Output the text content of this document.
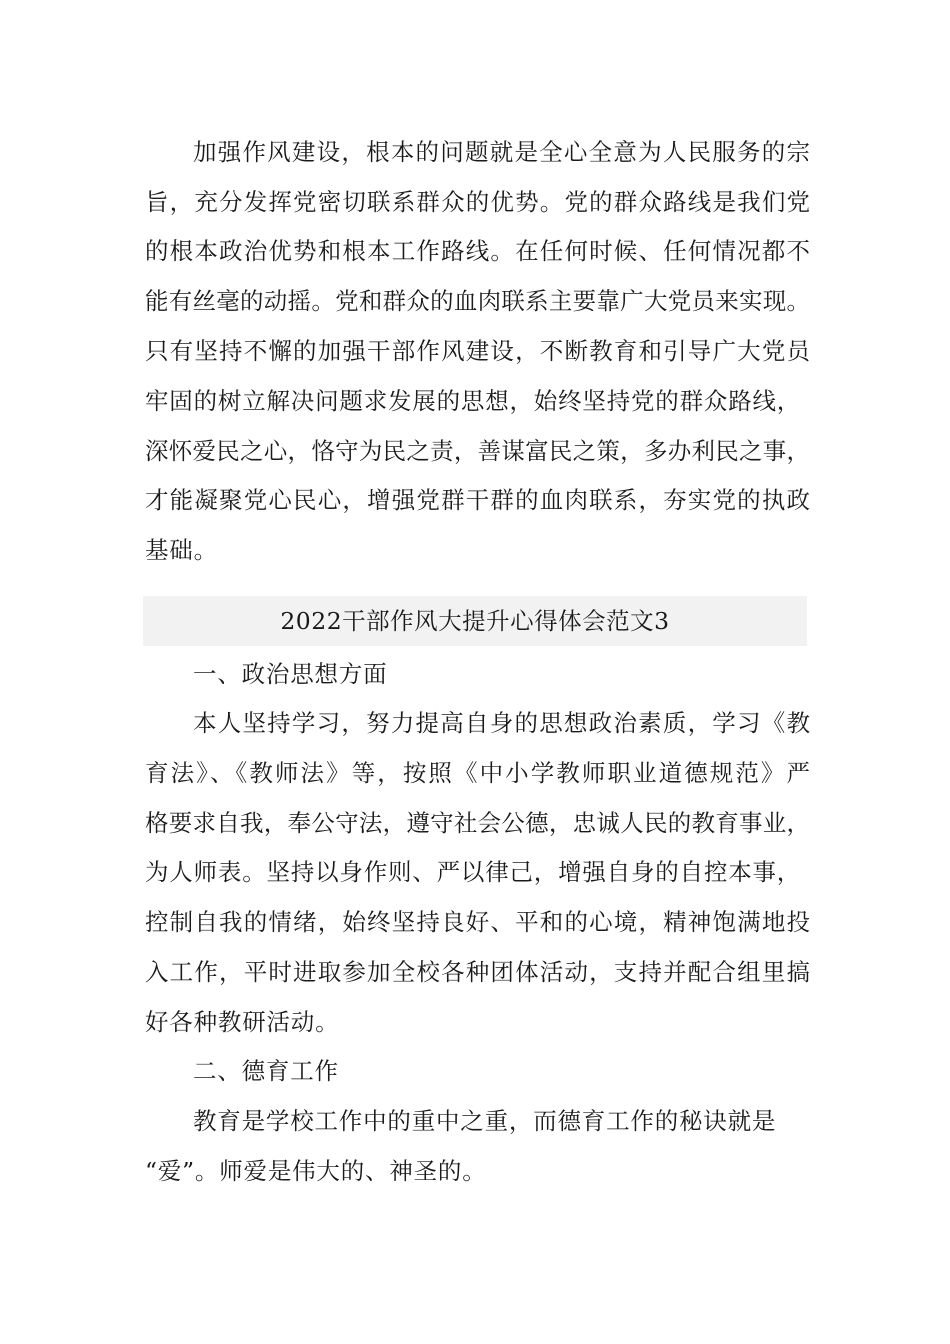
加强作风建设，根本的问题就是全心全意为人民服务的宗
旨，充分发挥党密切联系群众的优势。党的群众路线是我们党
的根本政治优势和根本工作路线。在任何时候、任何情况都不
能有丝毫的动摇。党和群众的血肉联系主要靠广大党员来实现。
只有坚持不懈的加强干部作风建设，不断教育和引导广大党员
牢固的树立解决问题求发展的思想，始终坚持党的群众路线，
深怀爱民之心，恪守为民之责，善谋富民之策，多办利民之事，
才能凝聚党心民心，增强党群干群的血肉联系，夯实党的执政
基础。
2022干部作风大提升心得体会范文3
一、政治思想方面
本人坚持学习，努力提高自身的思想政治素质，学习《教
育法》、《教师法》等，按照《中小学教师职业道德规范》严
格要求自我，奉公守法，遵守社会公德，忠诚人民的教育事业，
为人师表。坚持以身作则、严以律己，增强自身的自控本事，
控制自我的情绪，始终坚持良好、平和的心境，精神饱满地投
入工作，平时进取参加全校各种团体活动，支持并配合组里搞
好各种教研活动。
二、德育工作
教育是学校工作中的重中之重，而德育工作的秘诀就是
“爱”。师爱是伟大的、神圣的。
